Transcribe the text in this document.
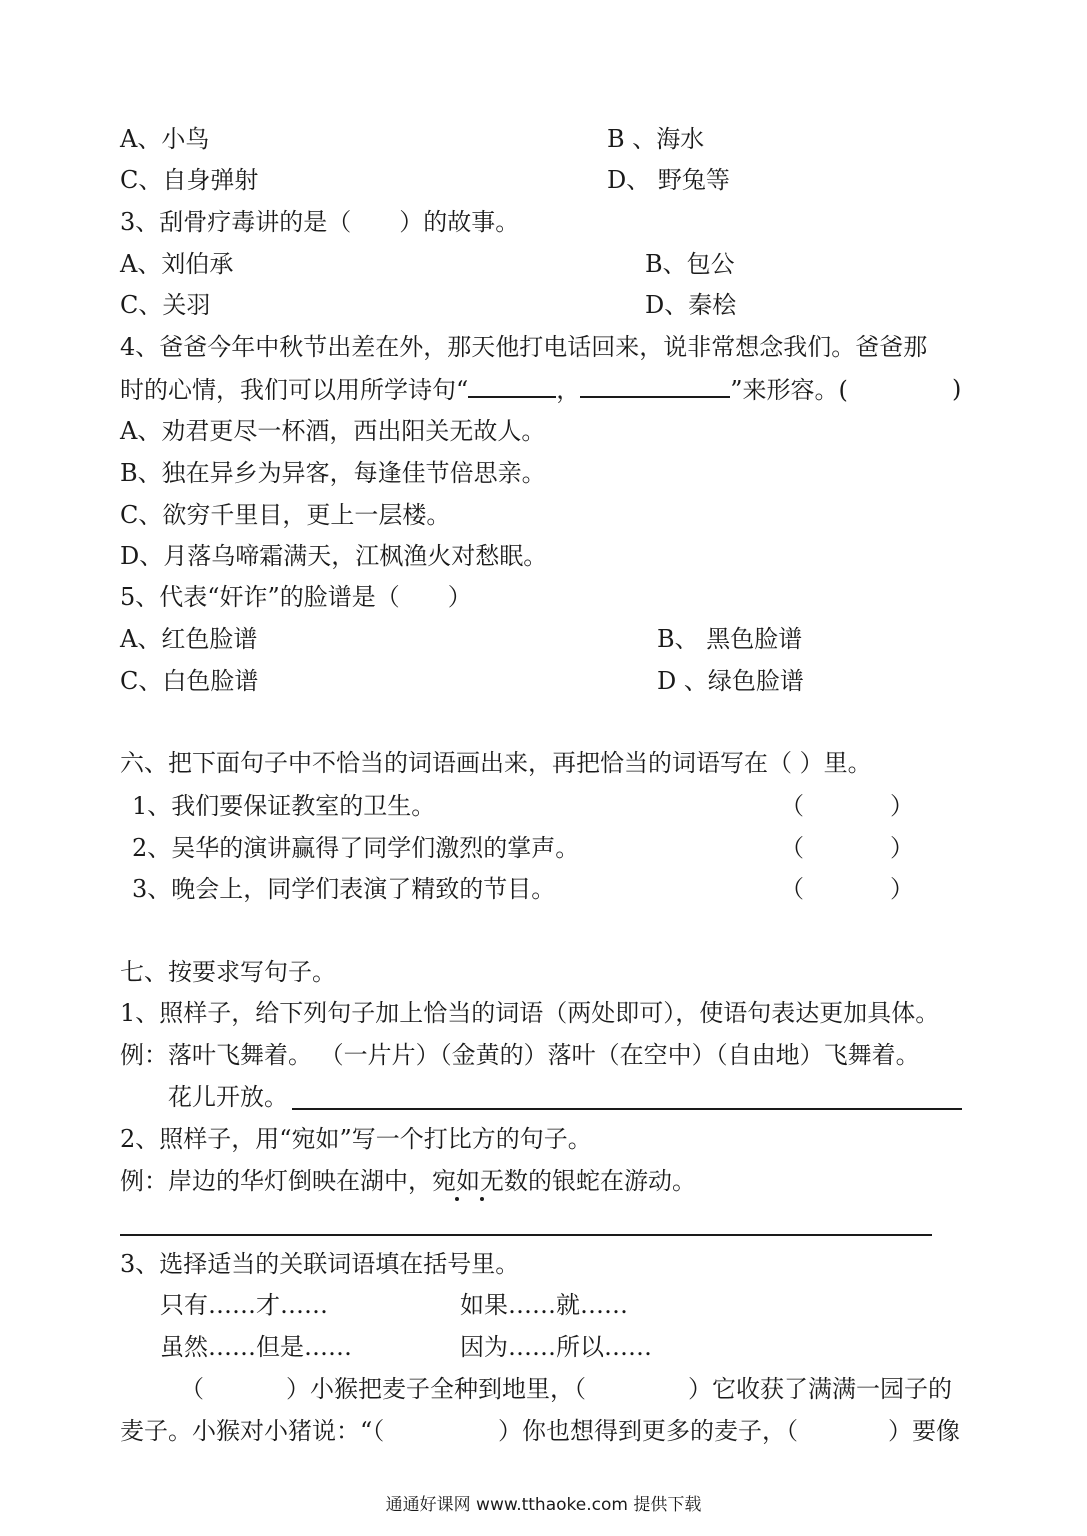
A、小鸟	B 、海水
C、自身弹射	D、 野兔等
3、刮骨疗毒讲的是（　　）的故事。
A、刘伯承	B、包公
C、关羽	D、秦桧
4、爸爸今年中秋节出差在外，那天他打电话回来，说非常想念我们。爸爸那
时的心情，我们可以用所学诗句“	，	”来形容。(	)
A、劝君更尽一杯酒，西出阳关无故人。
B、独在异乡为异客，每逢佳节倍思亲。
C、欲穷千里目，更上一层楼。
D、月落乌啼霜满天，江枫渔火对愁眠。
5、代表“奸诈”的脸谱是（　　）
A、红色脸谱	B、 黑色脸谱
C、白色脸谱	D 、绿色脸谱
六、把下面句子中不恰当的词语画出来，再把恰当的词语写在（ ）里。
1、我们要保证教室的卫生。	（	）
2、吴华的演讲赢得了同学们激烈的掌声。	（	）
3、晚会上，同学们表演了精致的节目。	（	）
七、按要求写句子。
1、照样子，给下列句子加上恰当的词语（两处即可），使语句表达更加具体。
例：落叶飞舞着。 （一片片）（金黄的）落叶（在空中）（自由地）飞舞着。
花儿开放。
2、照样子，用“宛如”写一个打比方的句子。
例：岸边的华灯倒映在湖中，宛如无数的银蛇在游动。
3、选择适当的关联词语填在括号里。
只有……才……	如果……就……
虽然……但是……	因为……所以……
（	）小猴把麦子全种到地里，（	）它收获了满满一园子的
麦子。小猴对小猪说：“（	）你也想得到更多的麦子，（	）要像
通通好课网 www.tthaoke.com 提供下载
